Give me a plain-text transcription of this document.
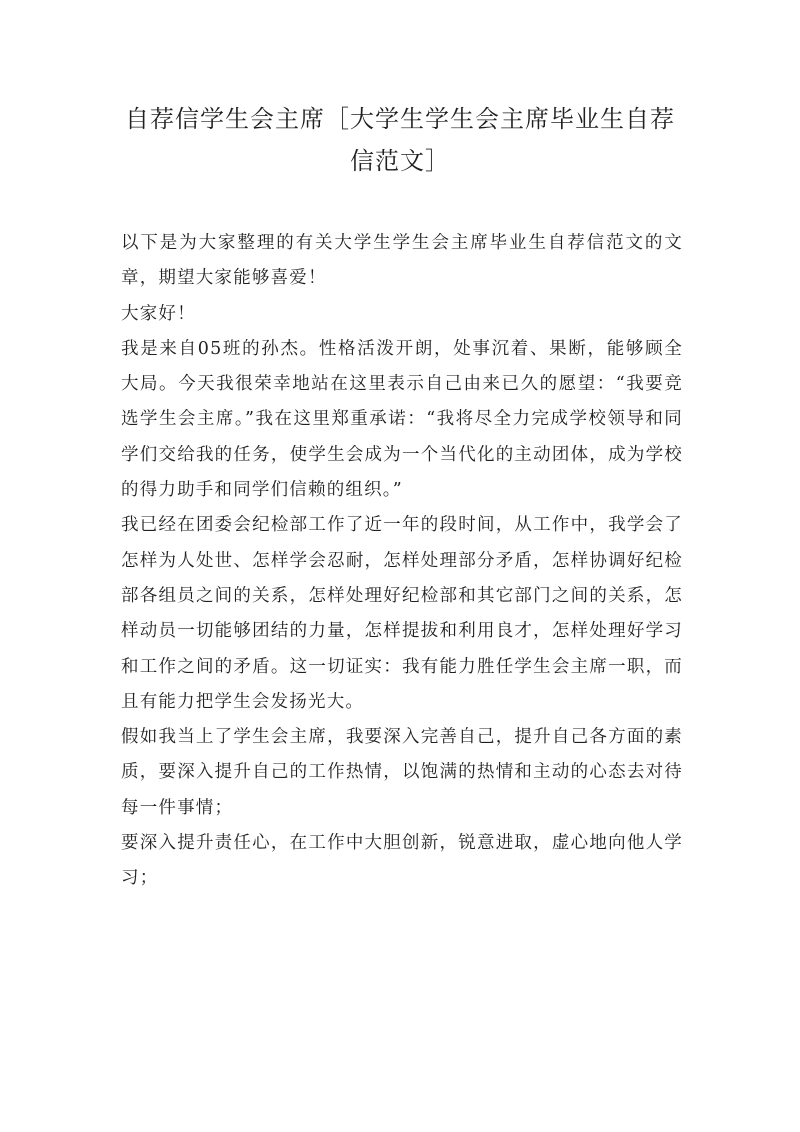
自荐信学生会主席［大学生学生会主席毕业生自荐信范文］

以下是为大家整理的有关大学生学生会主席毕业生自荐信范文的文章，期望大家能够喜爱！

大家好！

我是来自05班的孙杰。性格活泼开朗，处事沉着、果断，能够顾全大局。今天我很荣幸地站在这里表示自己由来已久的愿望：“我要竞选学生会主席。”我在这里郑重承诺：“我将尽全力完成学校领导和同学们交给我的任务，使学生会成为一个当代化的主动团体，成为学校的得力助手和同学们信赖的组织。”

我已经在团委会纪检部工作了近一年的段时间，从工作中，我学会了怎样为人处世、怎样学会忍耐，怎样处理部分矛盾，怎样协调好纪检部各组员之间的关系，怎样处理好纪检部和其它部门之间的关系，怎样动员一切能够团结的力量，怎样提拔和利用良才，怎样处理好学习和工作之间的矛盾。这一切证实：我有能力胜任学生会主席一职，而且有能力把学生会发扬光大。

假如我当上了学生会主席，我要深入完善自己，提升自己各方面的素质，要深入提升自己的工作热情，以饱满的热情和主动的心态去对待每一件事情；

要深入提升责任心，在工作中大胆创新，锐意进取，虚心地向他人学习；
